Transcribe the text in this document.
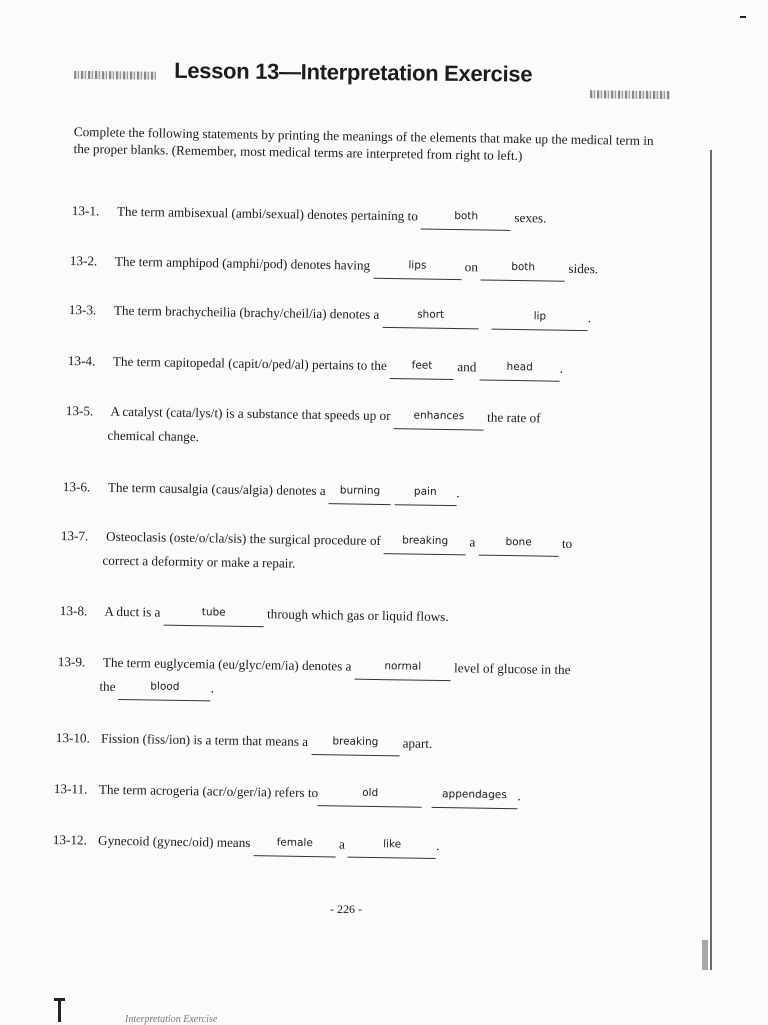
Lesson 13—Interpretation Exercise
Complete the following statements by printing the meanings of the elements that make up the medical term in the proper blanks. (Remember, most medical terms are interpreted from right to left.)
13-1. The term ambisexual (ambi/sexual) denotes pertaining to	both	sexes.
13-2. The term amphipod (amphi/pod) denotes having	lips	on	both	sides.
13-3. The term brachycheilia (brachy/cheil/ia) denotes a	short	lip	.
13-4. The term capitopedal (capit/o/ped/al) pertains to the feet and	head .
13-5. A catalyst (cata/lys/t) is a substance that speeds up or enhances the rate of
chemical change.
13-6. The term causalgia (caus/algia) denotes a burning	pain .
13-7. Osteoclasis (oste/o/cla/sis) the surgical procedure of breaking a	bone to
correct a deformity or make a repair.
13-8. A duct is a	tube	through which gas or liquid flows.
13-9. The term euglycemia (eu/glyc/em/ia) denotes a	normal level of glucose in the
the	blood .
13-10. Fission (fiss/ion) is a term that means a breaking apart.
13-11. The term acrogeria (acr/o/ger/ia) refers to	old	appendages .
13-12. Gynecoid (gynec/oid) means female a	like	.
- 226 -
Interpretation Exercise
